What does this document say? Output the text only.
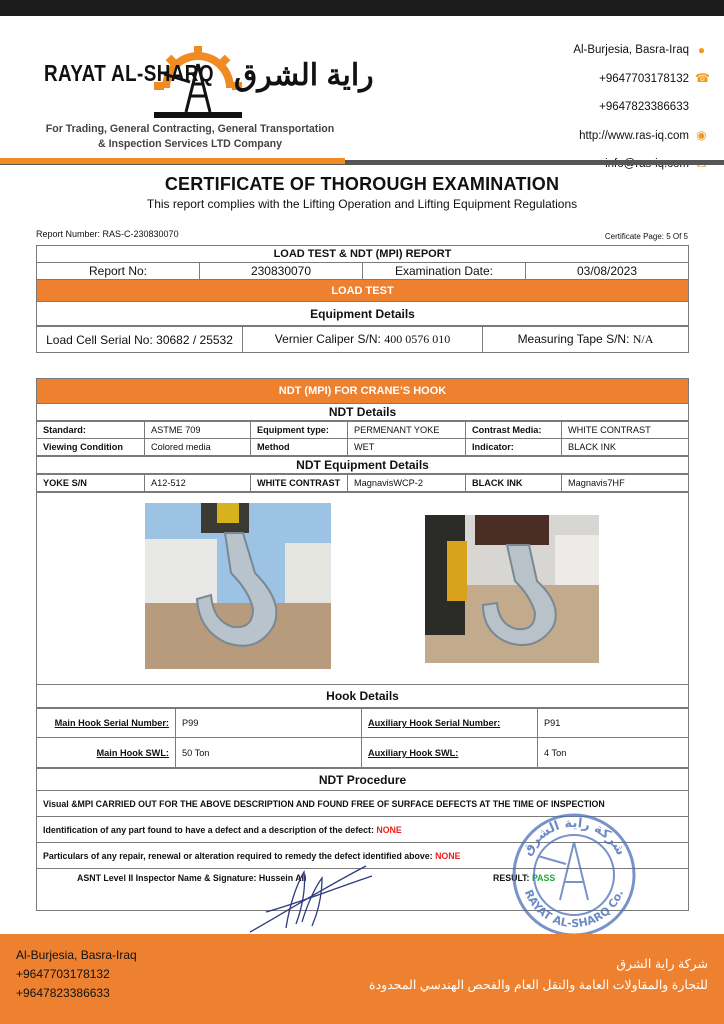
RAYAT AL-SHARQ راية الشرق
For Trading, General Contracting, General Transportation
& Inspection Services LTD Company
Al-Burjesia, Basra-Iraq ●
+9647703178132 ☎
+9647823386633
http://www.ras-iq.com ◉
CERTIFICATE OF THOROUGH EXAMINATION
This report complies with the Lifting Operation and Lifting Equipment Regulations
Report Number: RAS-C-230830070	Certificate Page: 5 Of 5
LOAD TEST & NDT (MPI) REPORT
Report No:	230830070	Examination Date:	03/08/2023
LOAD TEST
Equipment Details
Load Cell Serial No: 30682 / 25532	Vernier Caliper S/N: 400 0576 010	Measuring Tape S/N: N/A
NDT (MPI) FOR CRANE’S HOOK
NDT Details
Standard:	ASTME 709	Equipment type:	PERMENANT YOKE	Contrast Media:	WHITE CONTRAST
Viewing Condition	Colored media	Method	WET	Indicator:	BLACK INK
NDT Equipment Details
YOKE S/N	A12-512	WHITE CONTRAST	MagnavisWCP-2	BLACK INK	Magnavis7HF

Hook Details
Main Hook Serial Number:	P99	Auxiliary Hook Serial Number:	P91
Main Hook SWL:	50 Ton	Auxiliary Hook SWL:	4 Ton
NDT Procedure
Visual &MPI CARRIED OUT FOR THE ABOVE DESCRIPTION AND FOUND FREE OF SURFACE DEFECTS AT THE TIME OF INSPECTION
Identification of any part found to have a defect and a description of the defect: NONE
Particulars of any repair, renewal or alteration required to remedy the defect identified above: NONE
ASNT Level II Inspector Name & Signature: Hussein Ali	RESULT: PASS
شركة راية الشرق
RAYAT AL-SHARQ Co.
Al-Burjesia, Basra-Iraq
+9647703178132
+9647823386633
شركة راية الشرق
للتجارة والمقاولات العامة والنقل العام والفحص الهندسي المحدودة
